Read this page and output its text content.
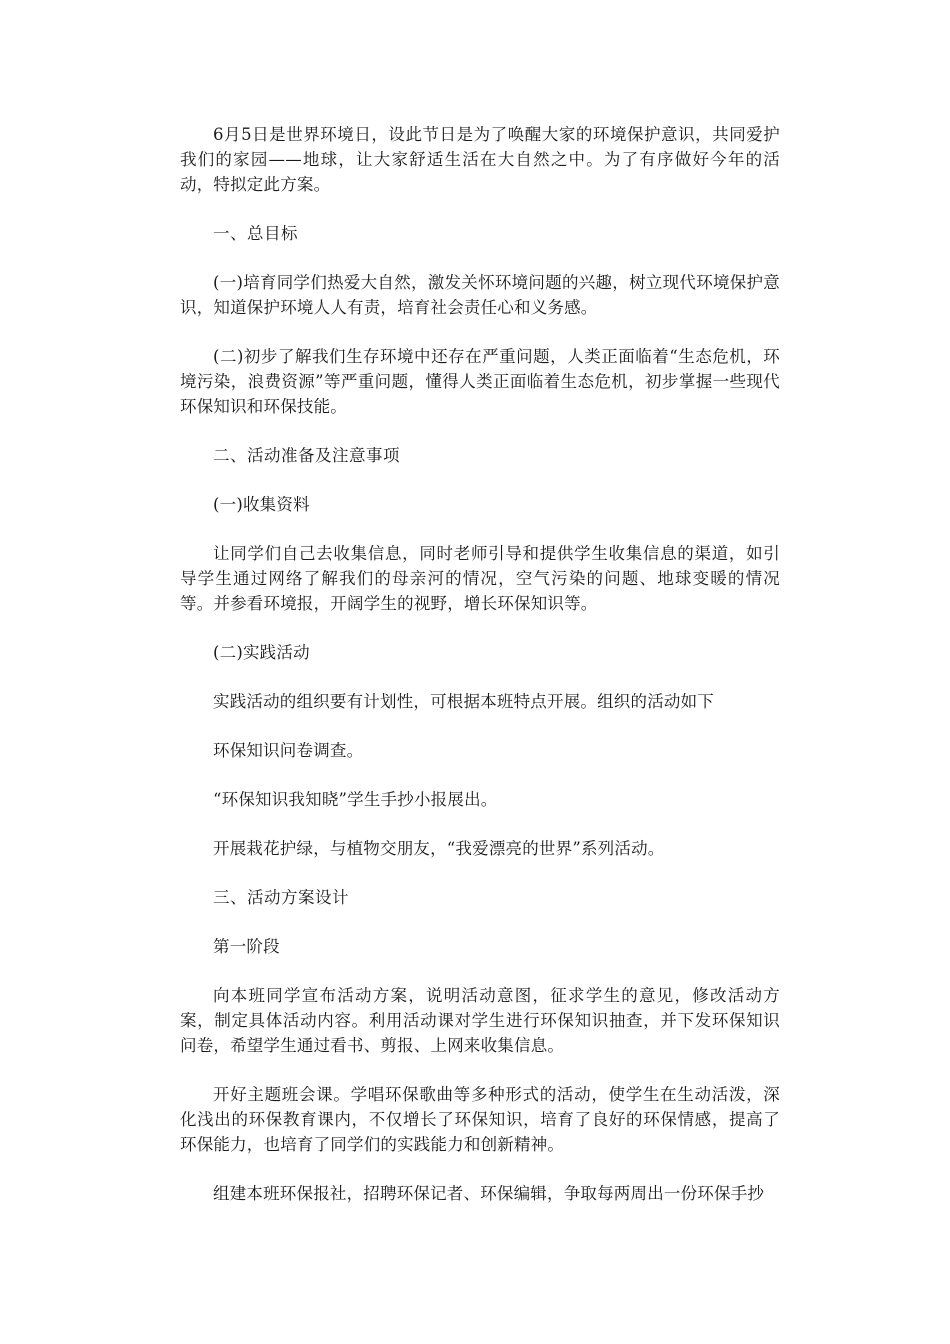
6月5日是世界环境日，设此节日是为了唤醒大家的环境保护意识，共同爱护我们的家园——地球，让大家舒适生活在大自然之中。为了有序做好今年的活动，特拟定此方案。

一、总目标

(一)培育同学们热爱大自然，激发关怀环境问题的兴趣，树立现代环境保护意识，知道保护环境人人有责，培育社会责任心和义务感。

(二)初步了解我们生存环境中还存在严重问题，人类正面临着“生态危机，环境污染，浪费资源”等严重问题，懂得人类正面临着生态危机，初步掌握一些现代环保知识和环保技能。

二、活动准备及注意事项

(一)收集资料

让同学们自己去收集信息，同时老师引导和提供学生收集信息的渠道，如引导学生通过网络了解我们的母亲河的情况，空气污染的问题、地球变暖的情况等。并参看环境报，开阔学生的视野，增长环保知识等。

(二)实践活动

实践活动的组织要有计划性，可根据本班特点开展。组织的活动如下

环保知识问卷调查。

“环保知识我知晓”学生手抄小报展出。

开展栽花护绿，与植物交朋友，“我爱漂亮的世界”系列活动。

三、活动方案设计

第一阶段

向本班同学宣布活动方案，说明活动意图，征求学生的意见，修改活动方案，制定具体活动内容。利用活动课对学生进行环保知识抽查，并下发环保知识问卷，希望学生通过看书、剪报、上网来收集信息。

开好主题班会课。学唱环保歌曲等多种形式的活动，使学生在生动活泼，深化浅出的环保教育课内，不仅增长了环保知识，培育了良好的环保情感，提高了环保能力，也培育了同学们的实践能力和创新精神。

组建本班环保报社，招聘环保记者、环保编辑，争取每两周出一份环保手抄
